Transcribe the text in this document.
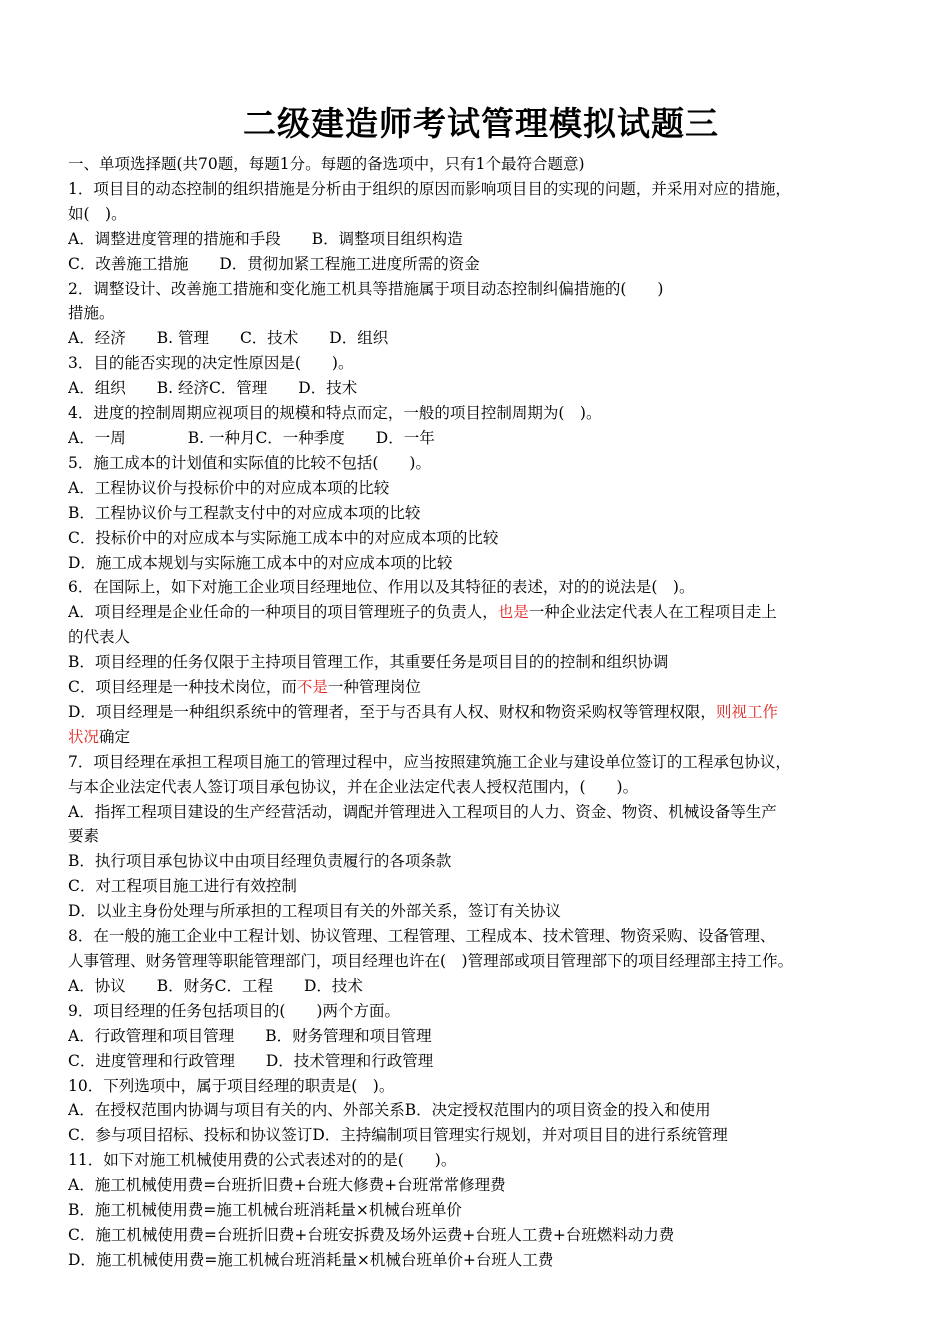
二级建造师考试管理模拟试题三
一、单项选择题(共70题，每题1分。每题的备选项中，只有1个最符合题意)
1．项目目的动态控制的组织措施是分析由于组织的原因而影响项目目的实现的问题，并采用对应的措施，
如(　)。
A．调整进度管理的措施和手段　　B．调整项目组织构造
C．改善施工措施　　D．贯彻加紧工程施工进度所需的资金
2．调整设计、改善施工措施和变化施工机具等措施属于项目动态控制纠偏措施的(　　)
措施。
A．经济　　B. 管理　　C．技术　　D．组织
3．目的能否实现的决定性原因是(　　)。
A．组织　　B. 经济C．管理　　D．技术
4．进度的控制周期应视项目的规模和特点而定，一般的项目控制周期为(　)。
A．一周　　　　B. 一种月C．一种季度　　D．一年
5．施工成本的计划值和实际值的比较不包括(　　)。
A．工程协议价与投标价中的对应成本项的比较
B．工程协议价与工程款支付中的对应成本项的比较
C．投标价中的对应成本与实际施工成本中的对应成本项的比较
D．施工成本规划与实际施工成本中的对应成本项的比较
6．在国际上，如下对施工企业项目经理地位、作用以及其特征的表述，对的的说法是(　)。
A．项目经理是企业任命的一种项目的项目管理班子的负责人，也是一种企业法定代表人在工程项目走上
的代表人
B．项目经理的任务仅限于主持项目管理工作，其重要任务是项目目的的控制和组织协调
C．项目经理是一种技术岗位，而不是一种管理岗位
D．项目经理是一种组织系统中的管理者，至于与否具有人权、财权和物资采购权等管理权限，则视工作
状况确定
7．项目经理在承担工程项目施工的管理过程中，应当按照建筑施工企业与建设单位签订的工程承包协议，
与本企业法定代表人签订项目承包协议，并在企业法定代表人授权范围内，(　　)。
A．指挥工程项目建设的生产经营活动，调配并管理进入工程项目的人力、资金、物资、机械设备等生产
要素
B．执行项目承包协议中由项目经理负责履行的各项条款
C．对工程项目施工进行有效控制
D．以业主身份处理与所承担的工程项目有关的外部关系，签订有关协议
8．在一般的施工企业中工程计划、协议管理、工程管理、工程成本、技术管理、物资采购、设备管理、
人事管理、财务管理等职能管理部门，项目经理也许在(　)管理部或项目管理部下的项目经理部主持工作。
A．协议　　B．财务C．工程　　D．技术
9．项目经理的任务包括项目的(　　)两个方面。
A．行政管理和项目管理　　B．财务管理和项目管理
C．进度管理和行政管理　　D．技术管理和行政管理
10．下列选项中，属于项目经理的职责是(　)。
A．在授权范围内协调与项目有关的内、外部关系B．决定授权范围内的项目资金的投入和使用
C．参与项目招标、投标和协议签订D．主持编制项目管理实行规划，并对项目目的进行系统管理
11．如下对施工机械使用费的公式表述对的的是(　　)。
A．施工机械使用费=台班折旧费+台班大修费+台班常常修理费
B．施工机械使用费=施工机械台班消耗量×机械台班单价
C．施工机械使用费=台班折旧费+台班安拆费及场外运费+台班人工费+台班燃料动力费
D．施工机械使用费=施工机械台班消耗量×机械台班单价+台班人工费
